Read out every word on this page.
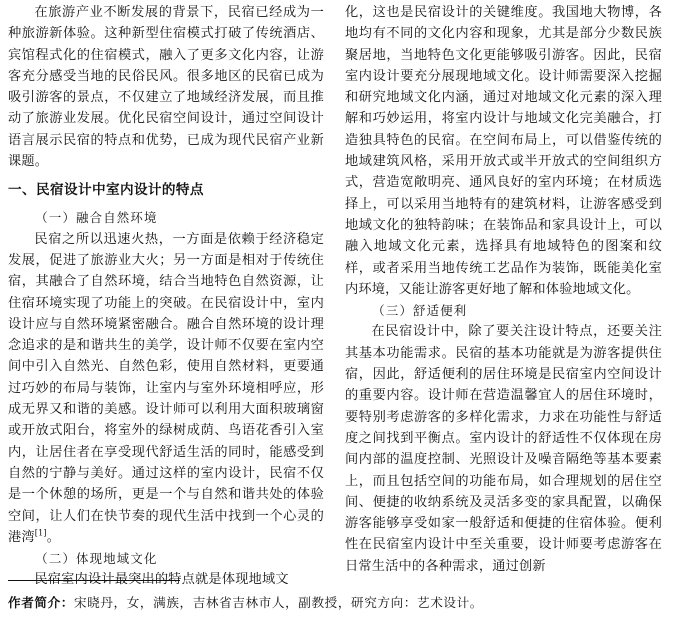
在旅游产业不断发展的背景下，民宿已经成为一种旅游新体验。这种新型住宿模式打破了传统酒店、宾馆程式化的住宿模式，融入了更多文化内容，让游客充分感受当地的民俗民风。很多地区的民宿已成为吸引游客的景点，不仅建立了地域经济发展，而且推动了旅游业发展。优化民宿空间设计，通过空间设计语言展示民宿的特点和优势，已成为现代民宿产业新课题。

一、民宿设计中室内设计的特点
（一）融合自然环境

民宿之所以迅速火热，一方面是依赖于经济稳定发展，促进了旅游业大火；另一方面是相对于传统住宿，其融合了自然环境，结合当地特色自然资源，让住宿环境实现了功能上的突破。在民宿设计中，室内设计应与自然环境紧密融合。融合自然环境的设计理念追求的是和谐共生的美学，设计师不仅要在室内空间中引入自然光、自然色彩，使用自然材料，更要通过巧妙的布局与装饰，让室内与室外环境相呼应，形成无界又和谐的美感。设计师可以利用大面积玻璃窗或开放式阳台，将室外的绿树成荫、鸟语花香引入室内，让居住者在享受现代舒适生活的同时，能感受到自然的宁静与美好。通过这样的室内设计，民宿不仅是一个休憩的场所，更是一个与自然和谐共处的体验空间，让人们在快节奏的现代生活中找到一个心灵的港湾[1]。

（二）体现地域文化

民宿室内设计最突出的特点就是体现地域文

化，这也是民宿设计的关键维度。我国地大物博，各地均有不同的文化内容和现象，尤其是部分少数民族聚居地，当地特色文化更能够吸引游客。因此，民宿室内设计要充分展现地域文化。设计师需要深入挖掘和研究地域文化内涵，通过对地域文化元素的深入理解和巧妙运用，将室内设计与地域文化完美融合，打造独具特色的民宿。在空间布局上，可以借鉴传统的地域建筑风格，采用开放式或半开放式的空间组织方式，营造宽敞明亮、通风良好的室内环境；在材质选择上，可以采用当地特有的建筑材料，让游客感受到地域文化的独特韵味；在装饰品和家具设计上，可以融入地域文化元素，选择具有地域特色的图案和纹样，或者采用当地传统工艺品作为装饰，既能美化室内环境，又能让游客更好地了解和体验地域文化。

（三）舒适便利

在民宿设计中，除了要关注设计特点，还要关注其基本功能需求。民宿的基本功能就是为游客提供住宿，因此，舒适便利的居住环境是民宿室内空间设计的重要内容。设计师在营造温馨宜人的居住环境时，要特别考虑游客的多样化需求，力求在功能性与舒适度之间找到平衡点。室内设计的舒适性不仅体现在房间内部的温度控制、光照设计及噪音隔绝等基本要素上，而且包括空间的功能布局，如合理规划的居住空间、便捷的收纳系统及灵活多变的家具配置，以确保游客能够享受如家一般舒适和便捷的住宿体验。便利性在民宿室内设计中至关重要，设计师要考虑游客在日常生活中的各种需求，通过创新

作者简介：宋晓丹，女，满族，吉林省吉林市人，副教授，研究方向：艺术设计。
